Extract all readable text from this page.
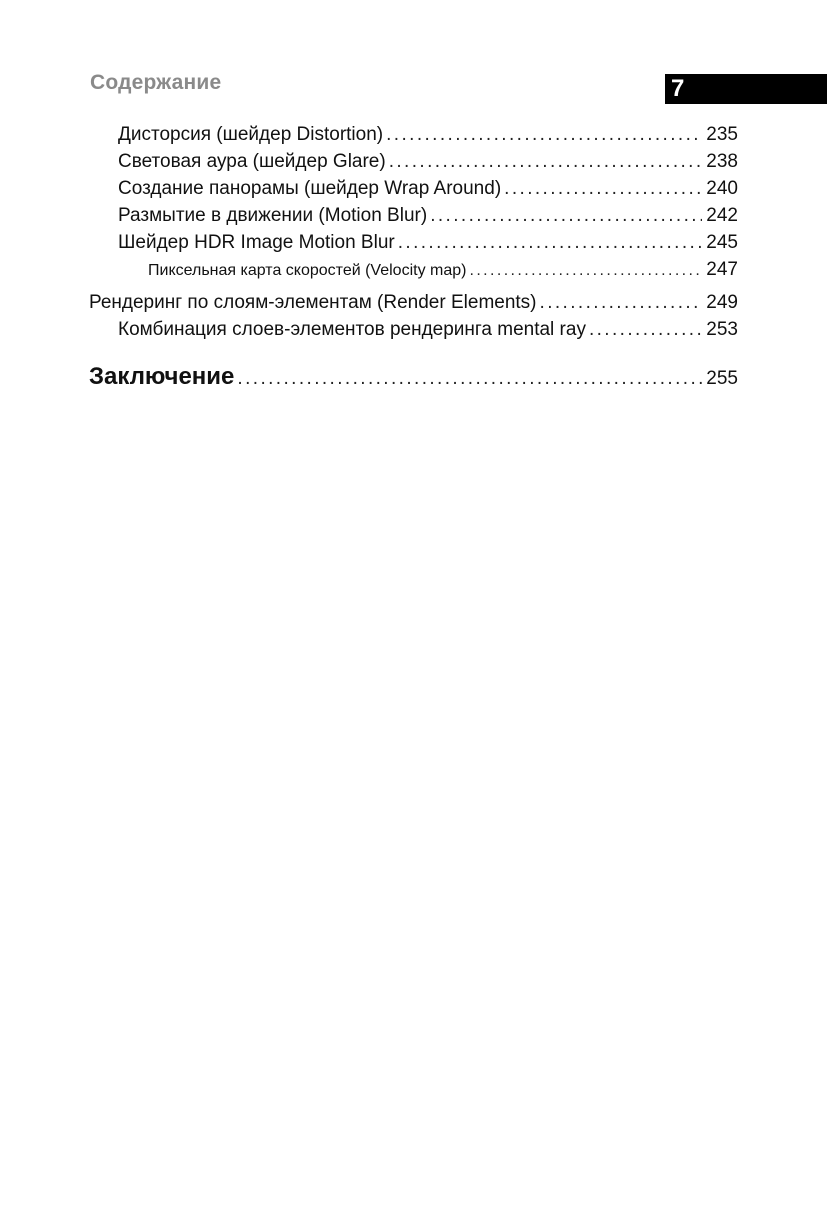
Содержание	7
Дисторсия (шейдер Distortion) .....	235
Световая аура (шейдер Glare) .....	238
Создание панорамы (шейдер Wrap Around) .....	240
Размытие в движении (Motion Blur) .....	242
Шейдер HDR Image Motion Blur .....	245
Пиксельная карта скоростей (Velocity map) .....	247
Рендеринг по слоям-элементам (Render Elements) .....	249
Комбинация слоев-элементов рендеринга mental ray .....	253
Заключение .....	255
